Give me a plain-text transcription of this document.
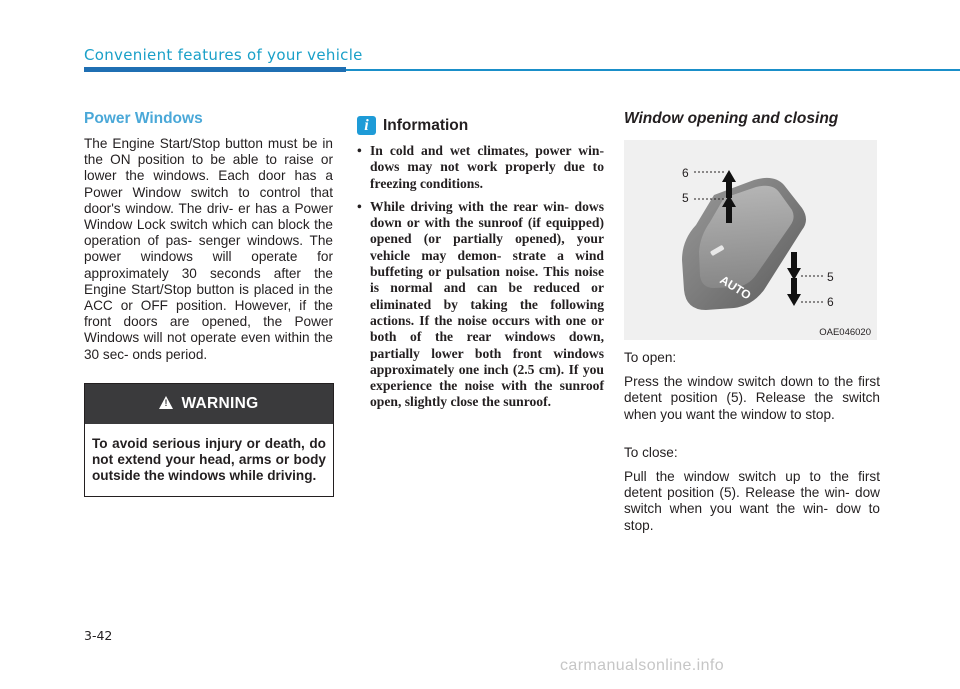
Convenient features of your vehicle
Power Windows

The Engine Start/Stop button must be in the ON position to be able to raise or lower the windows. Each door has a Power Window switch to control that door's window. The driv- er has a Power Window Lock switch which can block the operation of pas- senger windows. The power windows will operate for approximately 30 seconds after the Engine Start/Stop button is placed in the ACC or OFF position. However, if the front doors are opened, the Power Windows will not operate even within the 30 sec- onds period.

!
WARNING
To avoid serious injury or death, do not extend your head, arms or body outside the windows while driving.
i Information
• In cold and wet climates, power win- dows may not work properly due to freezing conditions.
• While driving with the rear win- dows down or with the sunroof (if equipped) opened (or partially opened), your vehicle may demon- strate a wind buffeting or pulsation noise. This noise is normal and can be reduced or eliminated by taking the following actions. If the noise occurs with one or both of the rear windows down, partially lower both front windows approximately one inch (2.5 cm). If you experience the noise with the sunroof open, slightly close the sunroof.
Window opening and closing
AUTO
6
5
5
6
OAE046020

To open:

Press the window switch down to the first detent position (5). Release the switch when you want the window to stop.

To close:

Pull the window switch up to the first detent position (5). Release the win- dow switch when you want the win- dow to stop.

3-42
carmanualsonline.info
